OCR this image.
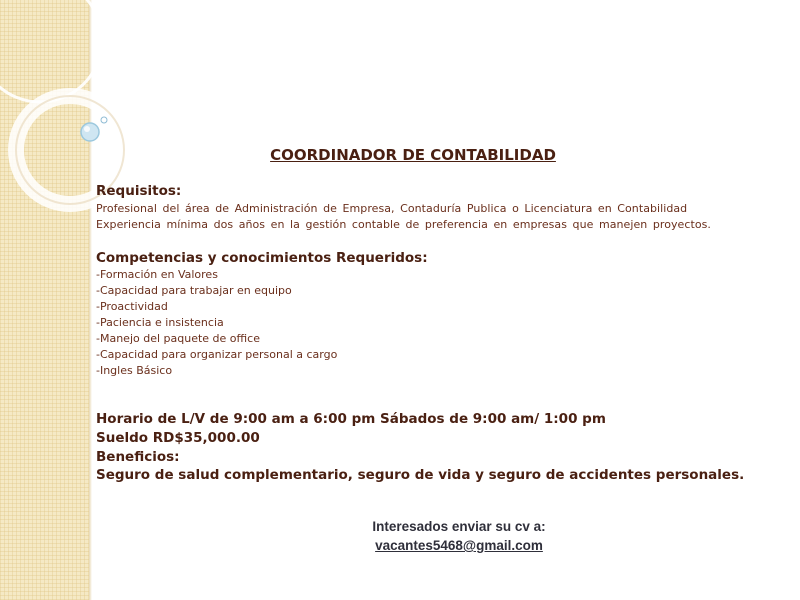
COORDINADOR DE CONTABILIDAD

Requisitos:

Profesional del área de Administración de Empresa, Contaduría Publica o Licenciatura en Contabilidad

Experiencia mínima dos años en la gestión contable de preferencia en empresas que manejen proyectos.

Competencias y conocimientos Requeridos:

-Formación en Valores

-Capacidad para trabajar en equipo

-Proactividad

-Paciencia e insistencia

-Manejo del paquete de office

-Capacidad para organizar personal a cargo

-Ingles Básico

Horario de L/V de 9:00 am a 6:00 pm Sábados de 9:00 am/ 1:00 pm

Sueldo RD$35,000.00

Beneficios:

Seguro de salud complementario, seguro de vida y seguro de accidentes personales.

Interesados enviar su cv a:

vacantes5468@gmail.com
